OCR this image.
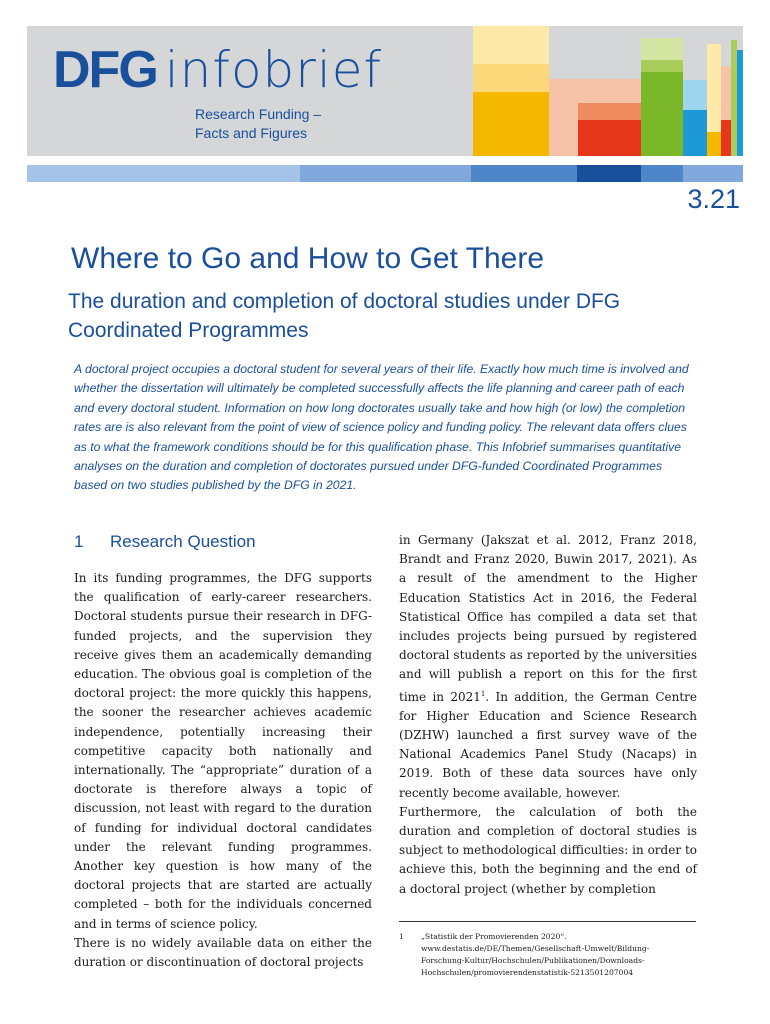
DFG infobrief
Research Funding –
Facts and Figures
3.21
Where to Go and How to Get There
The duration and completion of doctoral studies under DFG Coordinated Programmes

A doctoral project occupies a doctoral student for several years of their life. Exactly how much time is involved and whether the dissertation will ultimately be completed successfully affects the life planning and career path of each and every doctoral student. Information on how long doctorates usually take and how high (or low) the completion rates are is also relevant from the point of view of science policy and funding policy. The relevant data offers clues as to what the framework conditions should be for this qualification phase. This Infobrief summarises quantitative analyses on the duration and completion of doctorates pursued under DFG-funded Coordinated Programmes based on two studies published by the DFG in 2021.

1 Research Question

In its funding programmes, the DFG supports the qualification of early-career researchers. Doctoral students pursue their research in DFG-funded projects, and the supervision they receive gives them an academically demanding education. The obvious goal is completion of the doctoral project: the more quickly this happens, the sooner the researcher achieves academic independence, potentially increasing their competitive capacity both nationally and internationally. The “appropriate” duration of a doctorate is therefore always a topic of discussion, not least with regard to the duration of funding for individual doctoral candidates under the relevant funding programmes. Another key question is how many of the doctoral projects that are started are actually completed – both for the individuals concerned and in terms of science policy.

There is no widely available data on either the duration or discontinuation of doctoral projects

in Germany (Jakszat et al. 2012, Franz 2018, Brandt and Franz 2020, Buwin 2017, 2021). As a result of the amendment to the Higher Education Statistics Act in 2016, the Federal Statistical Office has compiled a data set that includes projects being pursued by registered doctoral students as reported by the universities and will publish a report on this for the first time in 2021$^1$. In addition, the German Centre for Higher Education and Science Research (DZHW) launched a first survey wave of the National Academics Panel Study (Nacaps) in 2019. Both of these data sources have only recently become available, however.

Furthermore, the calculation of both the duration and completion of doctoral studies is subject to methodological difficulties: in order to achieve this, both the beginning and the end of a doctoral project (whether by completion

1 „Statistik der Promovierenden 2020“.
www.destatis.de/DE/Themen/Gesellschaft-Umwelt/Bildung-
Forschung-Kultur/Hochschulen/Publikationen/Downloads-
Hochschulen/promovierendenstatistik-5213501207004
